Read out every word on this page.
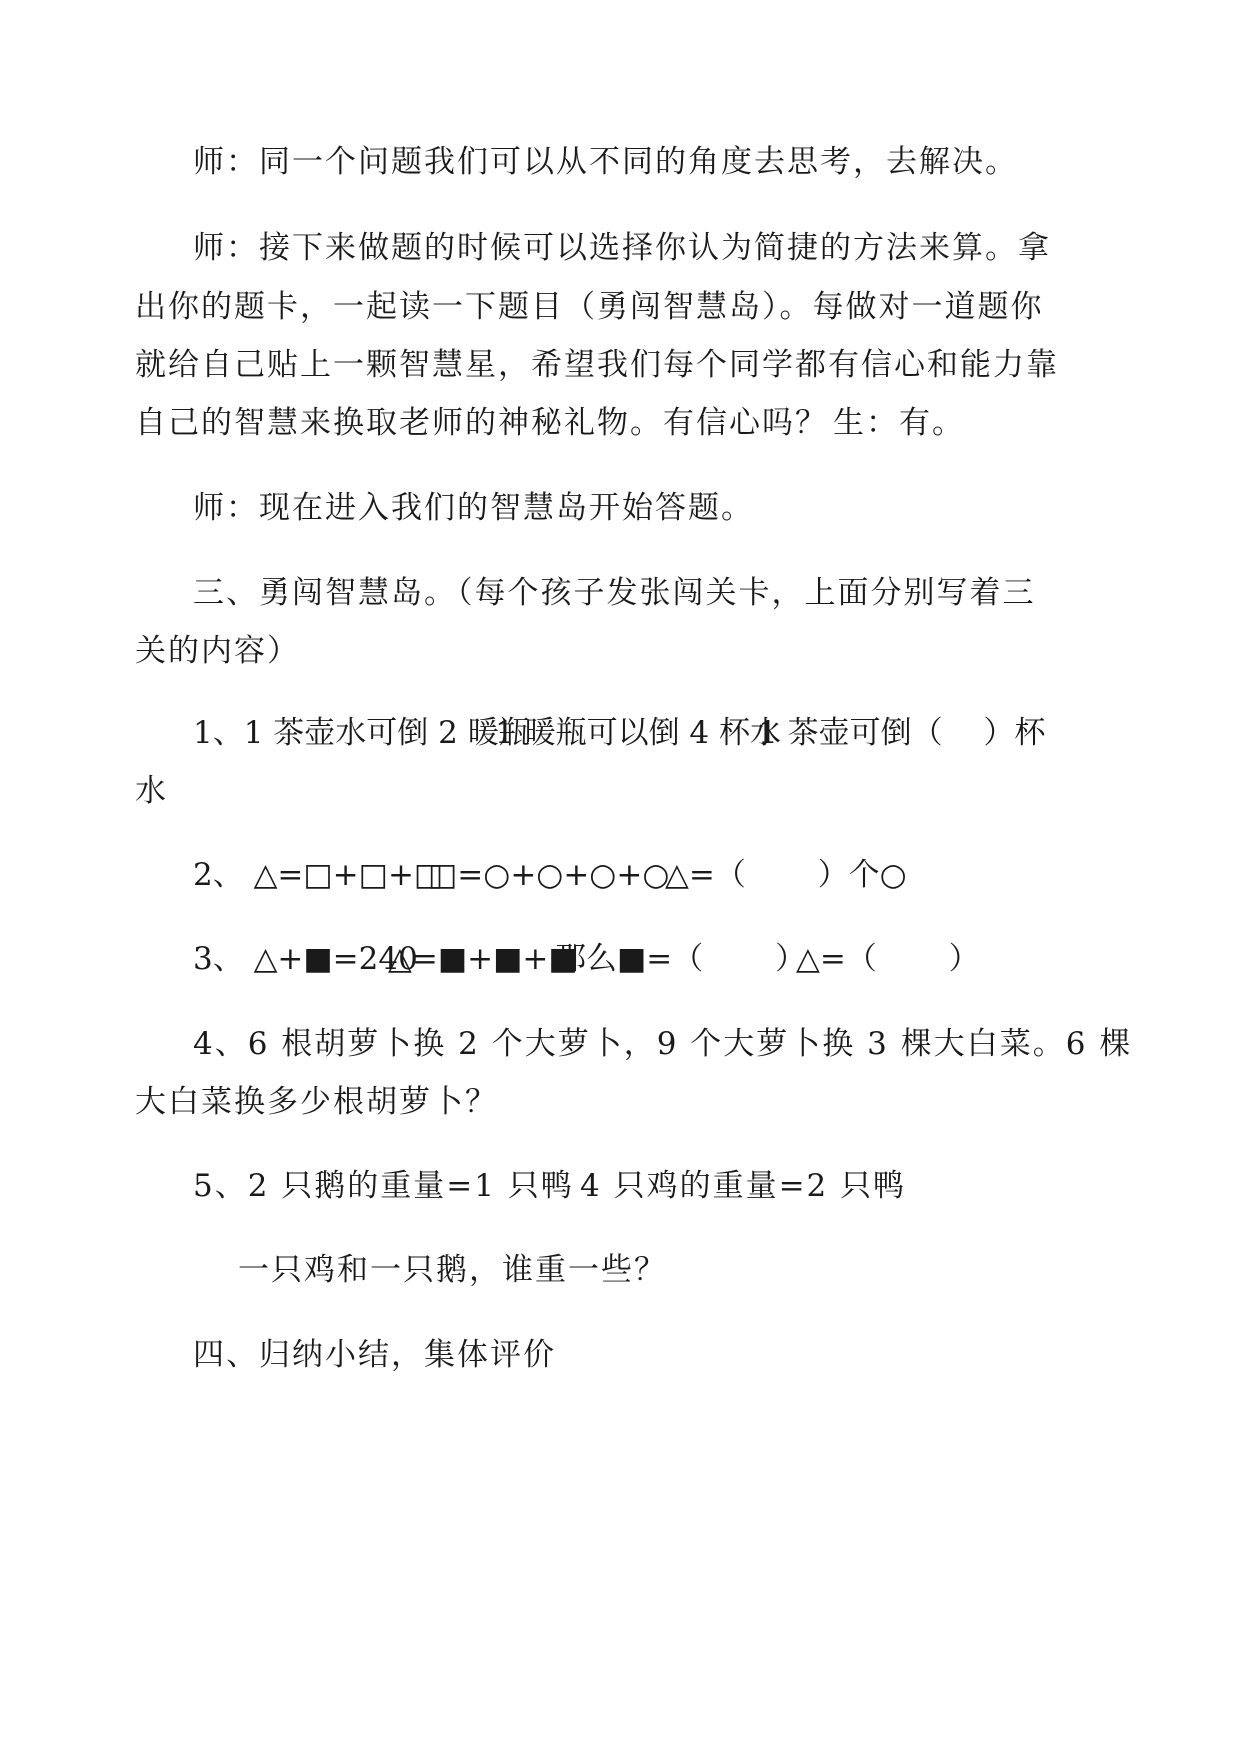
师：同一个问题我们可以从不同的角度去思考，去解决。
师：接下来做题的时候可以选择你认为简捷的方法来算。拿
出你的题卡，一起读一下题目（勇闯智慧岛）。每做对一道题你
就给自己贴上一颗智慧星，希望我们每个同学都有信心和能力靠
自己的智慧来换取老师的神秘礼物。有信心吗？ 生：有。
师：现在进入我们的智慧岛开始答题。
三、勇闯智慧岛。（每个孩子发张闯关卡，上面分别写着三
关的内容）
1、1 茶壶水可倒 2 暖瓶
1 暖瓶可以倒 4 杯水
1 茶壶可倒（　 ）杯
水
2、 △=□+□+□
□=○+○+○+○
△=（　　 ）个○
3、 △+■=240
△=■+■+■
那么■=（　　 ）
△=（　　 ）
4、6 根胡萝卜换 2 个大萝卜，9 个大萝卜换 3 棵大白菜。6 棵
大白菜换多少根胡萝卜？
5、2 只鹅的重量=1 只鸭 4 只鸡的重量=2 只鸭
一只鸡和一只鹅，谁重一些？
四、归纳小结，集体评价
